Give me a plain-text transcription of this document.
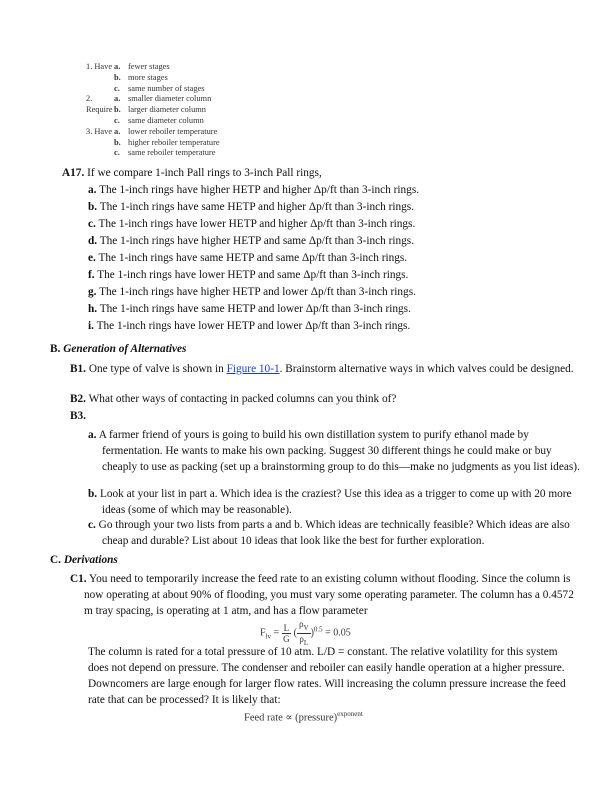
1. Have a. fewer stages
b. more stages
c. same number of stages
2. Require
a. smaller diameter column
b. larger diameter column
c. same diameter column
3. Have a. lower reboiler temperature
b. higher reboiler temperature
c. same reboiler temperature
A17. If we compare 1-inch Pall rings to 3-inch Pall rings,
a. The 1-inch rings have higher HETP and higher Δp/ft than 3-inch rings.
b. The 1-inch rings have same HETP and higher Δp/ft than 3-inch rings.
c. The 1-inch rings have lower HETP and higher Δp/ft than 3-inch rings.
d. The 1-inch rings have higher HETP and same Δp/ft than 3-inch rings.
e. The 1-inch rings have same HETP and same Δp/ft than 3-inch rings.
f. The 1-inch rings have lower HETP and same Δp/ft than 3-inch rings.
g. The 1-inch rings have higher HETP and lower Δp/ft than 3-inch rings.
h. The 1-inch rings have same HETP and lower Δp/ft than 3-inch rings.
i. The 1-inch rings have lower HETP and lower Δp/ft than 3-inch rings.
B. Generation of Alternatives
B1. One type of valve is shown in Figure 10-1. Brainstorm alternative ways in which valves could be designed.
B2. What other ways of contacting in packed columns can you think of?
B3.
a. A farmer friend of yours is going to build his own distillation system to purify ethanol made by fermentation. He wants to make his own packing. Suggest 30 different things he could make or buy cheaply to use as packing (set up a brainstorming group to do this—make no judgments as you list ideas).
b. Look at your list in part a. Which idea is the craziest? Use this idea as a trigger to come up with 20 more ideas (some of which may be reasonable).
c. Go through your two lists from parts a and b. Which ideas are technically feasible? Which ideas are also cheap and durable? List about 10 ideas that look like the best for further exploration.
C. Derivations
C1. You need to temporarily increase the feed rate to an existing column without flooding. Since the column is now operating at about 90% of flooding, you must vary some operating parameter. The column has a 0.4572 m tray spacing, is operating at 1 atm, and has a flow parameter
$F_{lv} = \frac{L}{G}$ ( $\frac{\rho_V}{\rho_L} )^{0.5} = 0.05$
The column is rated for a total pressure of 10 atm. L/D = constant. The relative volatility for this system does not depend on pressure. The condenser and reboiler can easily handle operation at a higher pressure. Downcomers are large enough for larger flow rates. Will increasing the column pressure increase the feed rate that can be processed? It is likely that:
Feed rate ∝ (pressure)$^{exponent}$
